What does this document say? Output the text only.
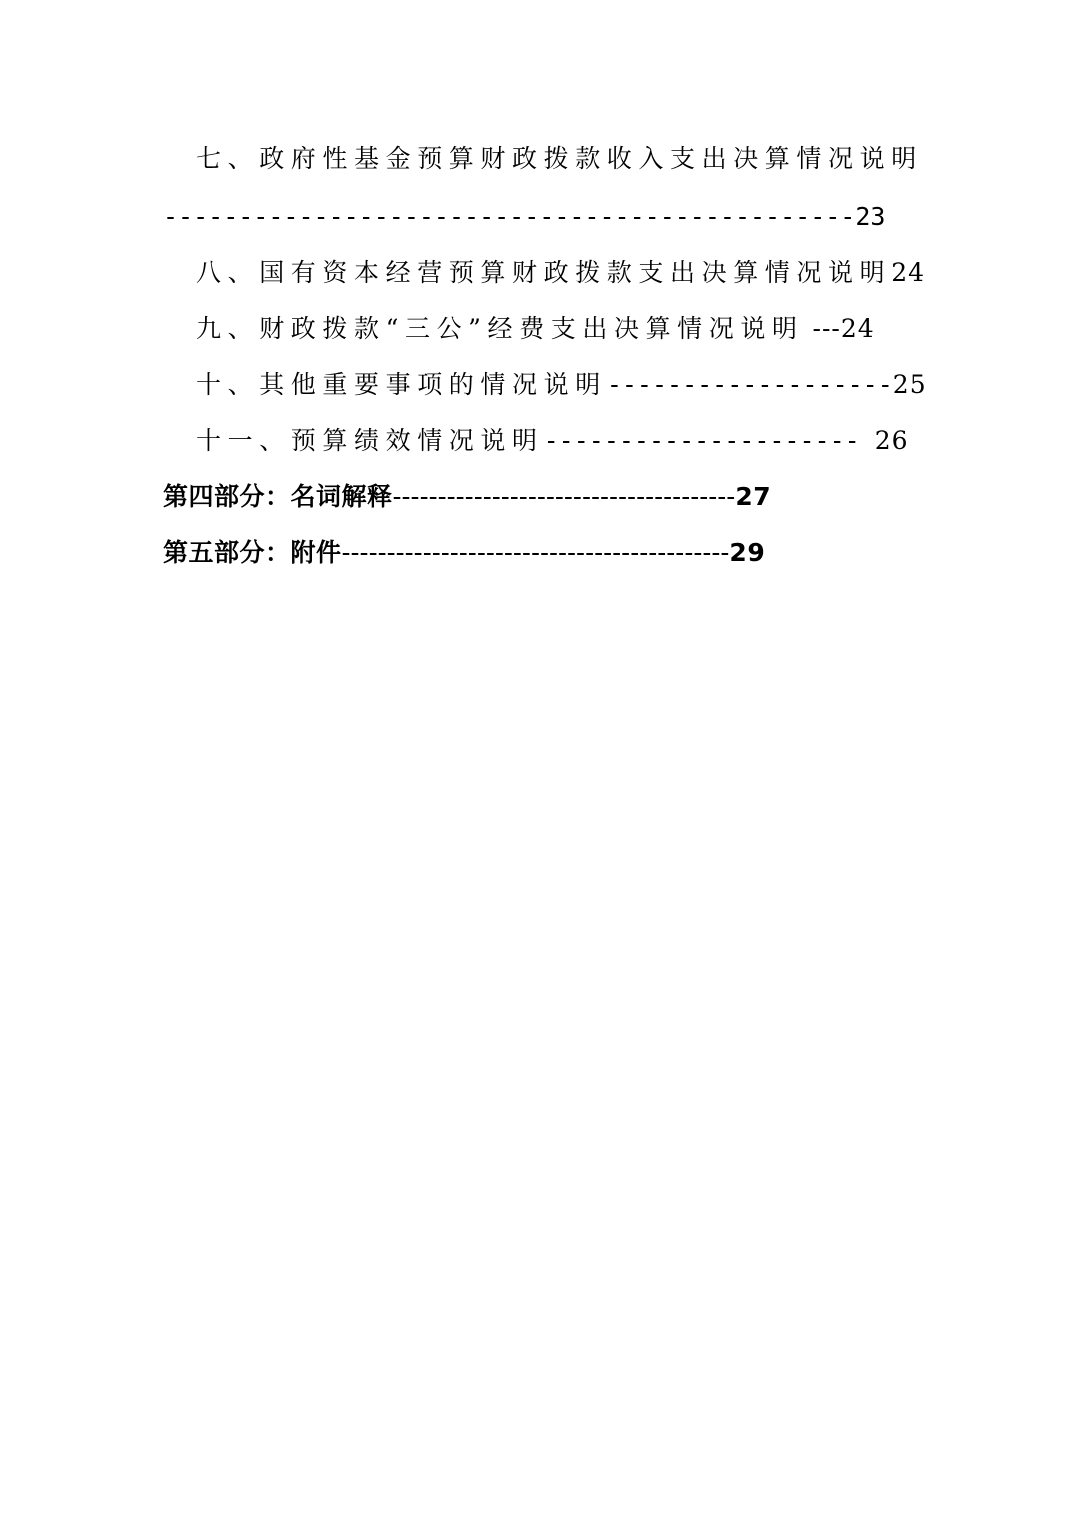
七、政府性基金预算财政拨款收入支出决算情况说明
----------------------------------------------23
八、国有资本经营预算财政拨款支出决算情况说明24
九、财政拨款“三公”经费支出决算情况说明 ---24
十、其他重要事项的情况说明-------------------25
十一、预算绩效情况说明--------------------- 26
第四部分：名词解释--------------------------------------27
第五部分：附件-------------------------------------------29
